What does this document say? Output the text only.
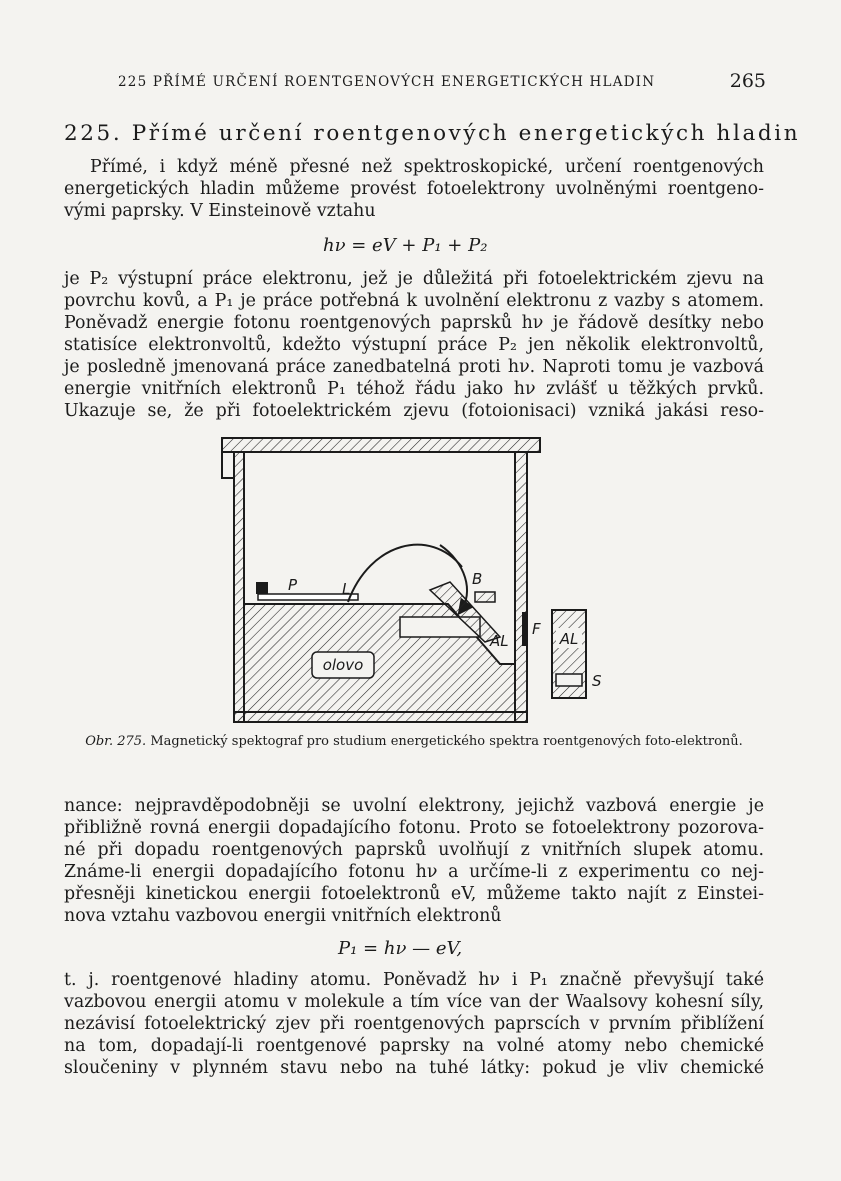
225 PŘÍMÉ URČENÍ ROENTGENOVÝCH ENERGETICKÝCH HLADIN	265
225. Přímé určení roentgenových energetických hladin
Přímé, i když méně přesné než spektroskopické, určení roentgenových
energetických hladin můžeme provést fotoelektrony uvolněnými roentgeno-
vými paprsky. V Einsteinově vztahu
hν = eV + P₁ + P₂
je P₂ výstupní práce elektronu, jež je důležitá při fotoelektrickém zjevu na
povrchu kovů, a P₁ je práce potřebná k uvolnění elektronu z vazby s atomem.
Poněvadž energie fotonu roentgenových paprsků hν je řádově desítky nebo
statisíce elektronvoltů, kdežto výstupní práce P₂ jen několik elektronvoltů,
je posledně jmenovaná práce zanedbatelná proti hν. Naproti tomu je vazbová
energie vnitřních elektronů P₁ téhož řádu jako hν zvlášť u těžkých prvků.
Ukazuje se, že při fotoelektrickém zjevu (fotoionisaci) vzniká jakási reso-
olovo
P	L
B
AL
F
AL
S
Obr. 275. Magnetický spektograf pro studium energetického spektra roentgenových foto-elektronů.
nance: nejpravděpodobněji se uvolní elektrony, jejichž vazbová energie je
přibližně rovná energii dopadajícího fotonu. Proto se fotoelektrony pozorova-
né při dopadu roentgenových paprsků uvolňují z vnitřních slupek atomu.
Známe-li energii dopadajícího fotonu hν a určíme-li z experimentu co nej-
přesněji kinetickou energii fotoelektronů eV, můžeme takto najít z Einstei-
nova vztahu vazbovou energii vnitřních elektronů
P₁ = hν — eV,
t. j. roentgenové hladiny atomu. Poněvadž hν i P₁ značně převyšují také
vazbovou energii atomu v molekule a tím více van der Waalsovy kohesní síly,
nezávisí fotoelektrický zjev při roentgenových paprscích v prvním přiblížení
na tom, dopadají-li roentgenové paprsky na volné atomy nebo chemické
sloučeniny v plynném stavu nebo na tuhé látky: pokud je vliv chemické
